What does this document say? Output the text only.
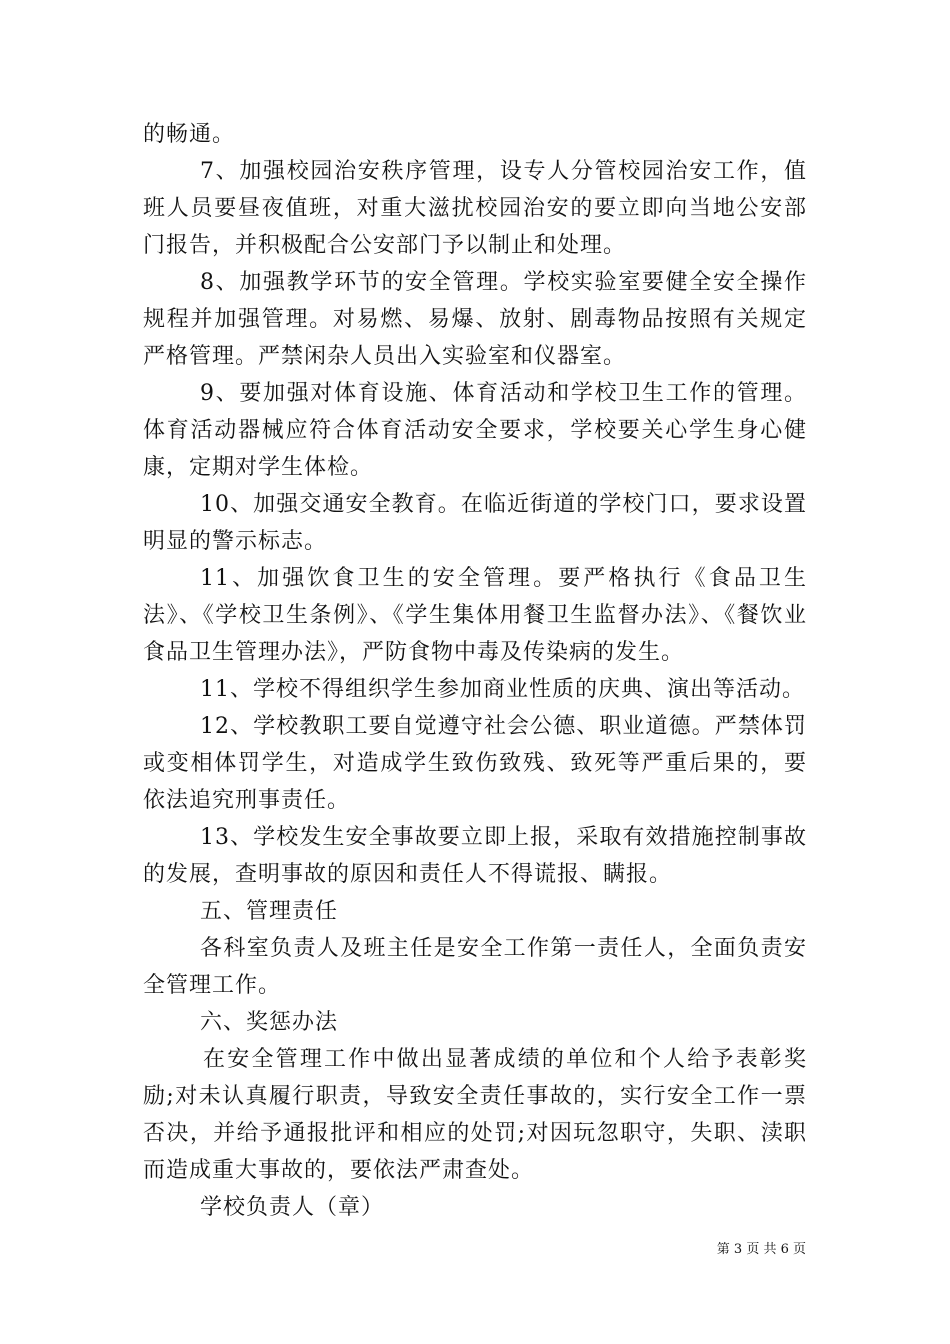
的畅通。

7、加强校园治安秩序管理，设专人分管校园治安工作，值班人员要昼夜值班，对重大滋扰校园治安的要立即向当地公安部门报告，并积极配合公安部门予以制止和处理。

8、加强教学环节的安全管理。学校实验室要健全安全操作规程并加强管理。对易燃、易爆、放射、剧毒物品按照有关规定严格管理。严禁闲杂人员出入实验室和仪器室。

9、要加强对体育设施、体育活动和学校卫生工作的管理。体育活动器械应符合体育活动安全要求，学校要关心学生身心健康，定期对学生体检。

10、加强交通安全教育。在临近街道的学校门口，要求设置明显的警示标志。

11、加强饮食卫生的安全管理。要严格执行《食品卫生法》、《学校卫生条例》、《学生集体用餐卫生监督办法》、《餐饮业食品卫生管理办法》，严防食物中毒及传染病的发生。

11、学校不得组织学生参加商业性质的庆典、演出等活动。

12、学校教职工要自觉遵守社会公德、职业道德。严禁体罚或变相体罚学生，对造成学生致伤致残、致死等严重后果的，要依法追究刑事责任。

13、学校发生安全事故要立即上报，采取有效措施控制事故的发展，查明事故的原因和责任人不得谎报、瞒报。

五、管理责任

各科室负责人及班主任是安全工作第一责任人，全面负责安全管理工作。

六、奖惩办法

在安全管理工作中做出显著成绩的单位和个人给予表彰奖励;对未认真履行职责，导致安全责任事故的，实行安全工作一票否决，并给予通报批评和相应的处罚;对因玩忽职守，失职、渎职而造成重大事故的，要依法严肃查处。

学校负责人（章）

第 3 页 共 6 页
